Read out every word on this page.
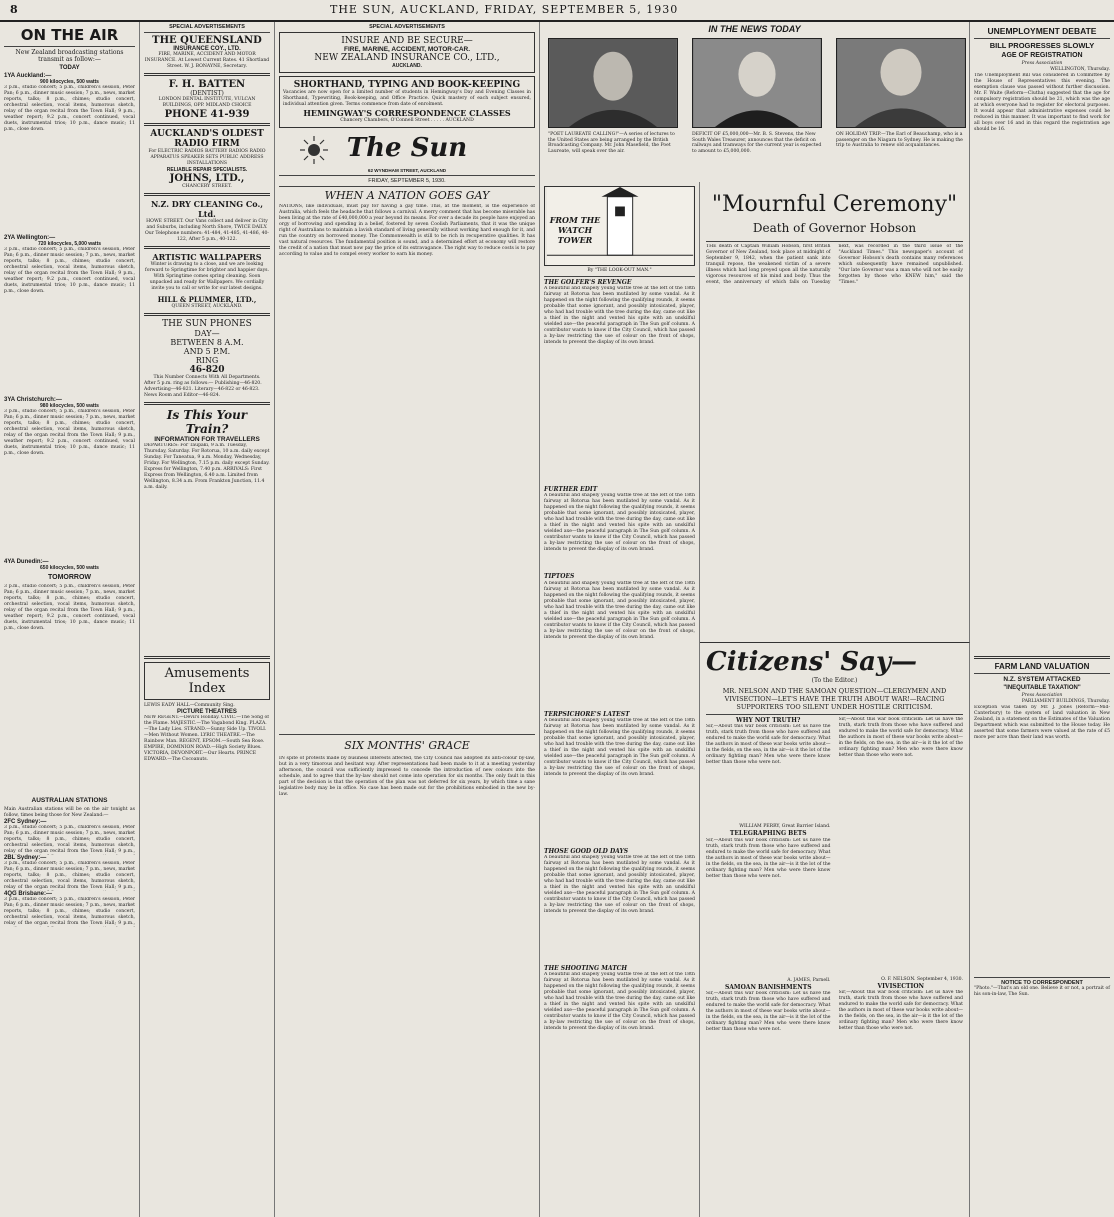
8	THE SUN, AUCKLAND, FRIDAY, SEPTEMBER 5, 1930
ON THE AIR
New Zealand broadcasting stations transmit as follow:—
TODAY
1YA Auckland:—
900 kilocycles, 500 watts
3 p.m., studio concert; 5 p.m., children's session, Peter Pan; 6 p.m., dinner music session; 7 p.m., news, market reports, talks; 8 p.m., chimes; studio concert, orchestral selection, vocal items, humorous sketch, relay of the organ recital from the Town Hall; 9 p.m., weather report; 9.2 p.m., concert continued, vocal duets, instrumental trios; 10 p.m., dance music; 11 p.m., close down.
2YA Wellington:—
720 kilocycles, 5,000 watts
3 p.m., studio concert; 5 p.m., children's session, Peter Pan; 6 p.m., dinner music session; 7 p.m., news, market reports, talks; 8 p.m., chimes; studio concert, orchestral selection, vocal items, humorous sketch, relay of the organ recital from the Town Hall; 9 p.m., weather report; 9.2 p.m., concert continued, vocal duets, instrumental trios; 10 p.m., dance music; 11 p.m., close down.
3YA Christchurch:—
980 kilocycles, 500 watts
3 p.m., studio concert; 5 p.m., children's session, Peter Pan; 6 p.m., dinner music session; 7 p.m., news, market reports, talks; 8 p.m., chimes; studio concert, orchestral selection, vocal items, humorous sketch, relay of the organ recital from the Town Hall; 9 p.m., weather report; 9.2 p.m., concert continued, vocal duets, instrumental trios; 10 p.m., dance music; 11 p.m., close down.
4YA Dunedin:—
650 kilocycles, 500 watts
TOMORROW
3 p.m., studio concert; 5 p.m., children's session, Peter Pan; 6 p.m., dinner music session; 7 p.m., news, market reports, talks; 8 p.m., chimes; studio concert, orchestral selection, vocal items, humorous sketch, relay of the organ recital from the Town Hall; 9 p.m., weather report; 9.2 p.m., concert continued, vocal duets, instrumental trios; 10 p.m., dance music; 11 p.m., close down.
AUSTRALIAN STATIONS
Main Australian stations will be on the air tonight as follow, times being those for New Zealand:—
2FC Sydney:—
3 p.m., studio concert; 5 p.m., children's session, Peter Pan; 6 p.m., dinner music session; 7 p.m., news, market reports, talks; 8 p.m., chimes; studio concert, orchestral selection, vocal items, humorous sketch, relay of the organ recital from the Town Hall; 9 p.m.,
2BL Sydney:—
3 p.m., studio concert; 5 p.m., children's session, Peter Pan; 6 p.m., dinner music session; 7 p.m., news, market reports, talks; 8 p.m., chimes; studio concert, orchestral selection, vocal items, humorous sketch, relay of the organ recital from the Town Hall; 9 p.m.,
4QG Brisbane:—
3 p.m., studio concert; 5 p.m., children's session, Peter Pan; 6 p.m., dinner music session; 7 p.m., news, market reports, talks; 8 p.m., chimes; studio concert, orchestral selection, vocal items, humorous sketch, relay of the organ recital from the Town Hall; 9 p.m.,
SPECIAL ADVERTISEMENTS
THE QUEENSLAND
INSURANCE COY., LTD.
FIRE, MARINE, ACCIDENT AND MOTOR INSURANCE. At Lowest Current Rates. 41 Shortland Street. W. J. BONAYNE, Secretary.
F. H. BATTEN
(DENTIST)
LONDON DENTAL INSTITUTE, VULCAN BUILDINGS, OPP. MIDLAND CHOICE
PHONE 41-939
AUCKLAND'S OLDEST RADIO FIRM
For ELECTRIC RADIOS BATTERY RADIOS RADIO APPARATUS SPEAKER SETS PUBLIC ADDRESS INSTALLATIONS
RELIABLE REPAIR SPECIALISTS.
JOHNS, LTD.,
CHANCERY STREET.
N.Z. DRY CLEANING Co., Ltd.
HOWE STREET. Our Vans collect and deliver in City and Suburbs, including North Shore, TWICE DAILY. Our Telephone numbers: 41-484, 41-485, 41-486, 40-122, After 5 p.m., 40-122.
ARTISTIC WALLPAPERS
Winter is drawing to a close, and we are looking forward to Springtime for brighter and happier days. With Springtime comes spring cleaning. Soon unpacked and ready for Wallpapers. We cordially invite you to call or write for our latest designs.
HILL & PLUMMER, LTD.,
QUEEN STREET, AUCKLAND.
THE SUN PHONES
DAY—
BETWEEN 8 A.M.
AND 5 P.M.
RING
46-820
This Number Connects With All Departments.
After 5 p.m. ring as follows:— Publishing—46-820. Advertising—46-821. Literary—46-822 or 46-823. News Room and Editor—46-824.
Is This Your Train?
INFORMATION FOR TRAVELLERS
DEPARTURES: For Taupaki, 9 a.m. Tuesday, Thursday, Saturday. For Rotorua, 10 a.m. daily except Sunday. For Taneatua, 9 a.m. Monday, Wednesday, Friday. For Wellington, 7.15 p.m. daily except Sunday. Express for Wellington, 7.40 p.m. ARRIVALS: First Express from Wellington, 6.40 a.m. Limited from Wellington, 8.34 a.m. From Frankton Junction, 11.4 a.m. daily.
Amusements Index
LEWIS EADY HALL—Community Sing.
PICTURE THEATRES
NEW REGENT.—Devil's Holiday. CIVIC.—The Song of the Flame. MAJESTIC.—The Vagabond King. PLAZA.—The Lady Lies. STRAND.—Sunny Side Up. TIVOLI.—Men Without Women. LYRIC THEATRE.—The Rainbow Man. REGENT, EPSOM.—South Sea Rose. EMPIRE, DOMINION ROAD.—High Society Blues. VICTORIA, DEVONPORT.—Our Hearts. PRINCE EDWARD.—The Cocoanuts.
SPECIAL ADVERTISEMENTS
INSURE AND BE SECURE—
FIRE, MARINE, ACCIDENT, MOTOR-CAR.
NEW ZEALAND INSURANCE CO., LTD.,
AUCKLAND.
SHORTHAND, TYPING AND BOOK-KEEPING
Vacancies are now open for a limited number of students in Hemingway's Day and Evening Classes in Shorthand, Typewriting, Book-keeping, and Office Practice. Quick mastery of each subject ensured, individual attention given. Terms commence from date of enrolment.
HEMINGWAY'S CORRESPONDENCE CLASSES
Chancery Chambers, O'Connell Street . . . . . AUCKLAND
The Sun
62 WYNDHAM STREET, AUCKLAND
FRIDAY, SEPTEMBER 5, 1930.
WHEN A NATION GOES GAY
NATIONS, like individuals, must pay for having a gay time. This, at the moment, is the experience of Australia, which feels the headache that follows a carnival. A merry comment that has become miserable has been living at the rate of £40,000,000 a year beyond its means. For over a decade its people have enjoyed an orgy of borrowing and spending in a belief, fostered by seven Coolish Parliaments, that it was the unique right of Australians to maintain a lavish standard of living generally without working hard enough for it, and run the country on borrowed money. The Commonwealth is still to be rich in recuperative qualities. It has vast natural resources. The fundamental position is sound, and a determined effort at economy will restore the credit of a nation that must now pay the price of its extravagance. The right way to reduce costs is to pay according to value and to compel every worker to earn his money.
SIX MONTHS' GRACE
IN spite of protests made by business interests affected, the City Council has adopted its anti-colour by-law, but in a very timorous and hesitant way. After representations had been made to it at a meeting yesterday afternoon, the council was sufficiently impressed to concede the introduction of new colours into the schedule, and to agree that the by-law should not come into operation for six months. The only fault in this part of the decision is that the operation of the plan was not deferred for six years, by which time a sane legislative body may be in office. No case has been made out for the prohibitions embodied in the new by-law.
IN THE NEWS TODAY
"POET LAUREATE CALLING!"—A series of lectures to the United States are being arranged by the British Broadcasting Company. Mr. John Masefield, the Poet Laureate, will speak over the air.
DEFICIT OF £5,000,000—Mr. B. S. Stevens, the New South Wales Treasurer, announces that the deficit on railways and tramways for the current year is expected to amount to £5,000,000.
ON HOLIDAY TRIP.—The Earl of Beauchamp, who is a passenger on the Niagara to Sydney. He is making the trip to Australia to renew old acquaintances.
FROM THE WATCH TOWER
By "THE LOOK-OUT MAN."
THE GOLFER'S REVENGE
A beautiful and shapely young wattle tree at the left of the 18th fairway at Rotorua has been mutilated by some vandal. As it happened on the night following the qualifying rounds, it seems probable that some ignorant, and possibly intoxicated, player, who had had trouble with the tree during the day, came out like a thief in the night and vented his spite with an unskilful wielded axe—the peaceful paragraph in The Sun golf column. A contributor wants to know if the City Council, which has passed a by-law restricting the use of colour on the front of shops, intends to prevent the display of its own brand.
FURTHER EDIT
A beautiful and shapely young wattle tree at the left of the 18th fairway at Rotorua has been mutilated by some vandal. As it happened on the night following the qualifying rounds, it seems probable that some ignorant, and possibly intoxicated, player, who had had trouble with the tree during the day, came out like a thief in the night and vented his spite with an unskilful wielded axe—the peaceful paragraph in The Sun golf column. A contributor wants to know if the City Council, which has passed a by-law restricting the use of colour on the front of shops, intends to prevent the display of its own brand.
TIPTOES
A beautiful and shapely young wattle tree at the left of the 18th fairway at Rotorua has been mutilated by some vandal. As it happened on the night following the qualifying rounds, it seems probable that some ignorant, and possibly intoxicated, player, who had had trouble with the tree during the day, came out like a thief in the night and vented his spite with an unskilful wielded axe—the peaceful paragraph in The Sun golf column. A contributor wants to know if the City Council, which has passed a by-law restricting the use of colour on the front of shops, intends to prevent the display of its own brand.
TERPSICHORE'S LATEST
A beautiful and shapely young wattle tree at the left of the 18th fairway at Rotorua has been mutilated by some vandal. As it happened on the night following the qualifying rounds, it seems probable that some ignorant, and possibly intoxicated, player, who had had trouble with the tree during the day, came out like a thief in the night and vented his spite with an unskilful wielded axe—the peaceful paragraph in The Sun golf column. A contributor wants to know if the City Council, which has passed a by-law restricting the use of colour on the front of shops, intends to prevent the display of its own brand.
THOSE GOOD OLD DAYS
A beautiful and shapely young wattle tree at the left of the 18th fairway at Rotorua has been mutilated by some vandal. As it happened on the night following the qualifying rounds, it seems probable that some ignorant, and possibly intoxicated, player, who had had trouble with the tree during the day, came out like a thief in the night and vented his spite with an unskilful wielded axe—the peaceful paragraph in The Sun golf column. A contributor wants to know if the City Council, which has passed a by-law restricting the use of colour on the front of shops, intends to prevent the display of its own brand.
THE SHOOTING MATCH
A beautiful and shapely young wattle tree at the left of the 18th fairway at Rotorua has been mutilated by some vandal. As it happened on the night following the qualifying rounds, it seems probable that some ignorant, and possibly intoxicated, player, who had had trouble with the tree during the day, came out like a thief in the night and vented his spite with an unskilful wielded axe—the peaceful paragraph in The Sun golf column. A contributor wants to know if the City Council, which has passed a by-law restricting the use of colour on the front of shops, intends to prevent the display of its own brand.
"Mournful Ceremony"
Death of Governor Hobson
THE death of Captain William Hobson, first British Governor of New Zealand, took place at midnight of September 9, 1842, when the patient sank into tranquil repose, the weakened victim of a severe illness which had long preyed upon all the naturally vigorous resources of his mind and body. Thus the event, the anniversary of which falls on Tuesday next, was recorded in the third issue of the "Auckland Times." This newspaper's account of Governor Hobson's death contains many references which subsequently have remained unpublished. "Our late Governor was a man who will not be easily forgotten by those who KNEW him," said the "Times."
Citizens' Say—
(To the Editor.)
MR. NELSON AND THE SAMOAN QUESTION—CLERGYMEN AND VIVISECTION—LET'S HAVE THE TRUTH ABOUT WAR!—RACING SUPPORTERS TOO SILENT UNDER HOSTILE CRITICISM.
WHY NOT TRUTH?
Sir,—About this war book criticism: Let us have the truth, stark truth from those who have suffered and endured to make the world safe for democracy. What the authors in most of these war books write about—in the fields, on the sea, in the air—is it the lot of the ordinary fighting man? Men who were there know better than those who were not.
WILLIAM PERRY, Great Barrier Island.
TELEGRAPHING BETS
Sir,—About this war book criticism: Let us have the truth, stark truth from those who have suffered and endured to make the world safe for democracy. What the authors in most of these war books write about—in the fields, on the sea, in the air—is it the lot of the ordinary fighting man? Men who were there know better than those who were not.
A. JAMES, Parnell.
SAMOAN BANISHMENTS
Sir,—About this war book criticism: Let us have the truth, stark truth from those who have suffered and endured to make the world safe for democracy. What the authors in most of these war books write about—in the fields, on the sea, in the air—is it the lot of the ordinary fighting man? Men who were there know better than those who were not.
Sir,—About this war book criticism: Let us have the truth, stark truth from those who have suffered and endured to make the world safe for democracy. What the authors in most of these war books write about—in the fields, on the sea, in the air—is it the lot of the ordinary fighting man? Men who were there know better than those who were not.
O. F. NELSON. September 4, 1930.
VIVISECTION
Sir,—About this war book criticism: Let us have the truth, stark truth from those who have suffered and endured to make the world safe for democracy. What the authors in most of these war books write about—in the fields, on the sea, in the air—is it the lot of the ordinary fighting man? Men who were there know better than those who were not.
UNEMPLOYMENT DEBATE
BILL PROGRESSES SLOWLY
AGE OF REGISTRATION
Press Association
WELLINGTON, Thursday.
The Unemployment Bill was considered in Committee by the House of Representatives this evening. The exemption clause was passed without further discussion. Mr. F. Waite (Reform—Clutha) suggested that the age for compulsory registration should be 21, which was the age at which everyone had to register for electoral purposes. It would appear that administrative expenses could be reduced in this manner. It was important to find work for all boys over 16 and in this regard the registration age should be 16.
FARM LAND VALUATION
N.Z. SYSTEM ATTACKED
"INEQUITABLE TAXATION"
Press Association
PARLIAMENT BUILDINGS, Thursday.
Exception was taken by Mr. J. Jones (Reform—Mid-Canterbury) to the system of land valuation in New Zealand, in a statement on the Estimates of the Valuation Department which was submitted to the House today. He asserted that some farmers were valued at the rate of £5 more per acre than their land was worth.
NOTICE TO CORRESPONDENT
"Photo."—That's an old one. Believe it or not, a portrait of his son-in-law, The Sun.
